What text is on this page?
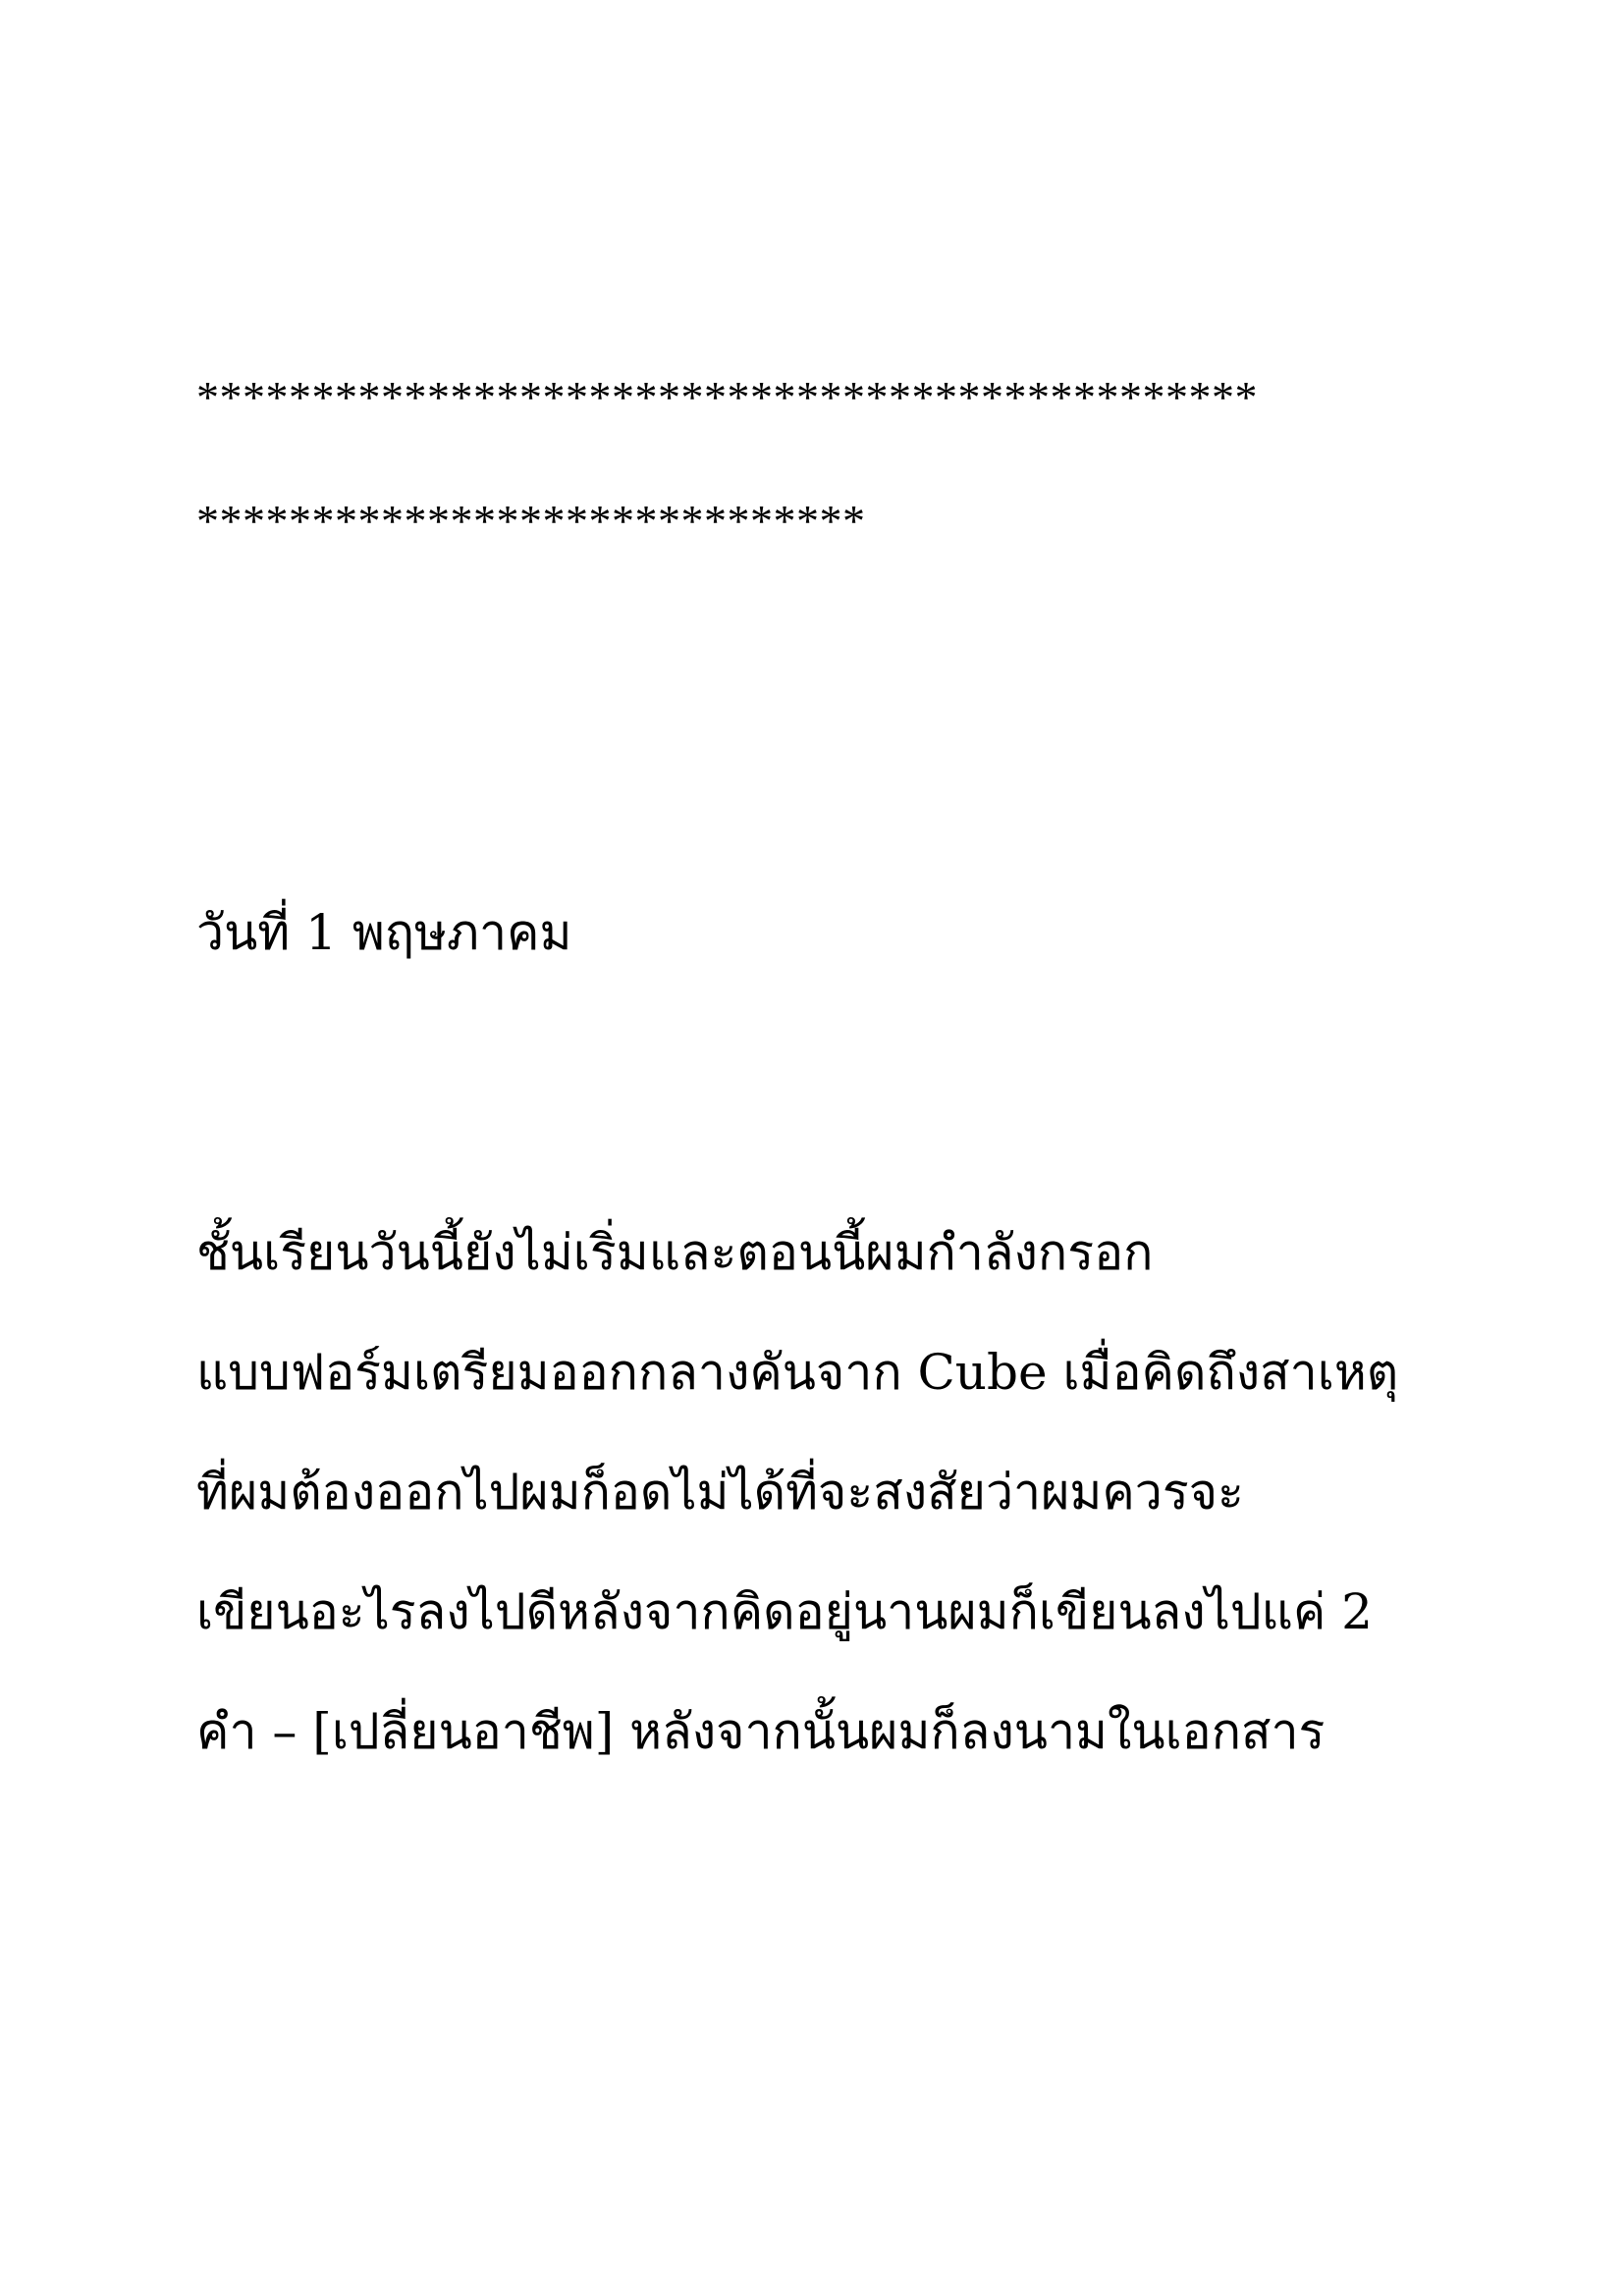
**********************************************
*****************************
วันที่ 1 พฤษภาคม
ชั้นเรียนวันนี้ยังไม่เริ่มและตอนนี้ผมกำลังกรอก
แบบฟอร์มเตรียมออกกลางคันจาก Cube เมื่อคิดถึงสาเหตุ
ที่ผมต้องออกไปผมก็อดไม่ได้ที่จะสงสัยว่าผมควรจะ
เขียนอะไรลงไปดีหลังจากคิดอยู่นานผมก็เขียนลงไปแค่ 2
คำ – [เปลี่ยนอาชีพ] หลังจากนั้นผมก็ลงนามในเอกสาร
